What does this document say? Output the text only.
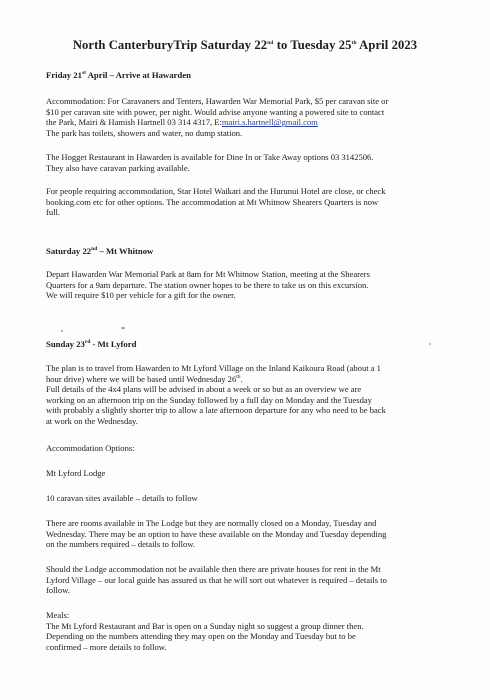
North CanterburyTrip Saturday 22nd to Tuesday 25th April 2023
Friday 21st April – Arrive at Hawarden

Accommodation: For Caravaners and Tenters, Hawarden War Memorial Park, $5 per caravan site or

$10 per caravan site with power, per night. Would advise anyone wanting a powered site to contact

the Park, Mairi & Hamish Hartnell 03 314 4317, E:mairi.s.hartnell@gmail.com

The park has toilets, showers and water, no dump station.

The Hogget Restaurant in Hawarden is available for Dine In or Take Away options 03 3142506.

They also have caravan parking available.

For people requiring accommodation, Star Hotel Waikari and the Hurunui Hotel are close, or check

booking.com etc for other options. The accommodation at Mt Whitnow Shearers Quarters is now

full.

Saturday 22nd – Mt Whitnow

Depart Hawarden War Memorial Park at 8am for Mt Whitnow Station, meeting at the Shearers

Quarters for a 9am departure. The station owner hopes to be there to take us on this excursion.

We will require $10 per vehicle for a gift for the owner.

Sunday 23rd - Mt Lyford

The plan is to travel from Hawarden to Mt Lyford Village on the Inland Kaikoura Road (about a 1

hour drive) where we will be based until Wednesday 26th.

Full details of the 4x4 plans will be advised in about a week or so but as an overview we are

working on an afternoon trip on the Sunday followed by a full day on Monday and the Tuesday

with probably a slightly shorter trip to allow a late afternoon departure for any who need to be back

at work on the Wednesday.

Accommodation Options:

Mt Lyford Lodge

10 caravan sites available – details to follow

There are rooms available in The Lodge but they are normally closed on a Monday, Tuesday and

Wednesday. There may be an option to have these available on the Monday and Tuesday depending

on the numbers required – details to follow.

Should the Lodge accommodation not be available then there are private houses for rent in the Mt

Lyford Village – our local guide has assured us that he will sort out whatever is required – details to

follow.

Meals:

The Mt Lyford Restaurant and Bar is open on a Sunday night so suggest a group dinner then.

Depending on the numbers attending they may open on the Monday and Tuesday but to be

confirmed – more details to follow.
